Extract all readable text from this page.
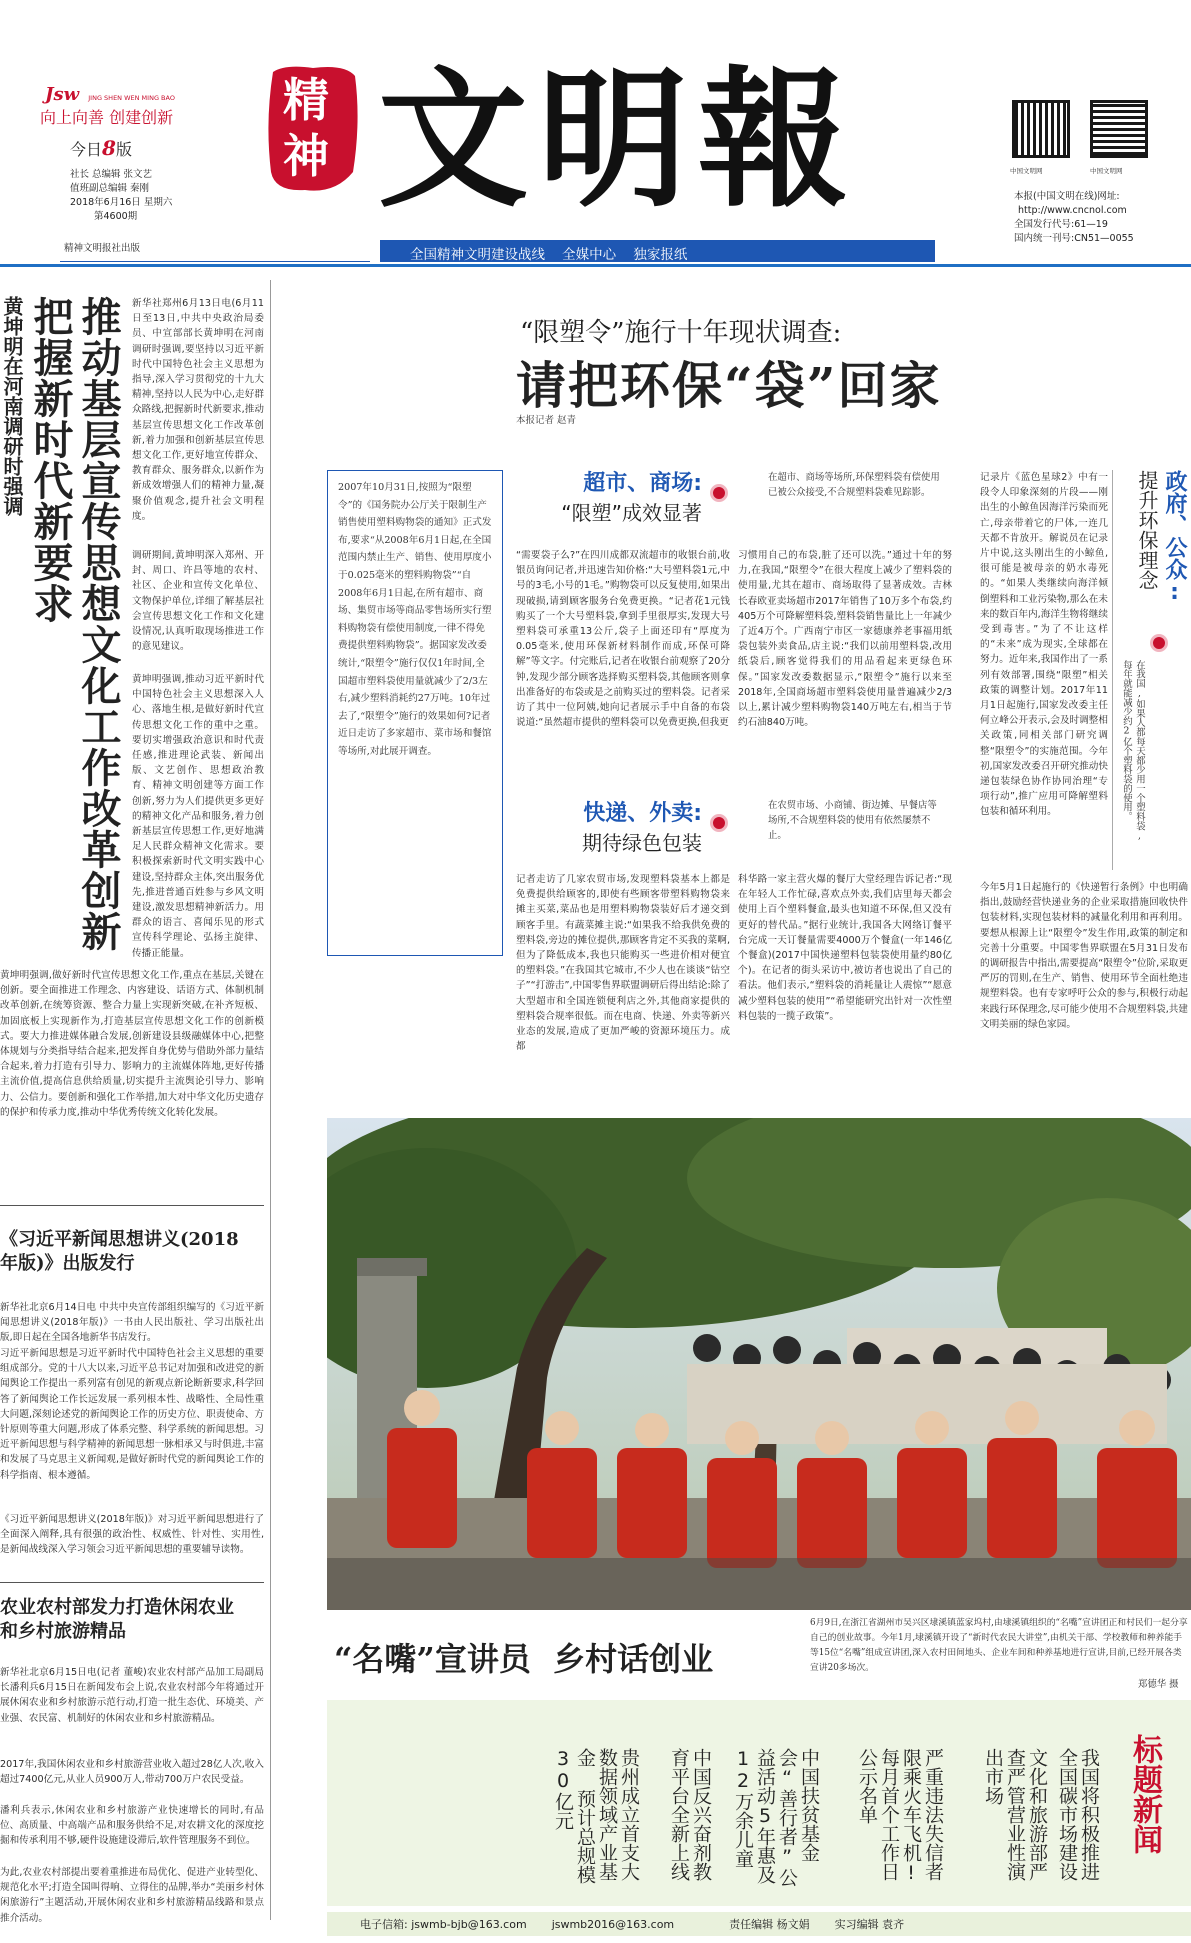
Jsw JING SHEN WEN MING BAO
向上向善 创建创新
今日8版
社长 总编辑 张文艺
值班副总编辑 秦刚
2018年6月16日 星期六
第4600期
精神文明报社出版
精神 文明報	中国文明网	中国文明网
本报(中国文明在线)网址:
http://www.cncnol.com
全国发行代号:61—19
国内统一刊号:CN51—0055
全国精神文明建设战线    全媒中心    独家报纸
黄坤明在河南调研时强调 把握新时代新要求 推动基层宣传思想文化工作改革创新 新华社郑州6月13日电(6月11日至13日,中共中央政治局委员、中宣部部长黄坤明在河南调研时强调,要坚持以习近平新时代中国特色社会主义思想为指导,深入学习贯彻党的十九大精神,坚持以人民为中心,走好群众路线,把握新时代新要求,推动基层宣传思想文化工作改革创新,着力加强和创新基层宣传思想文化工作,更好地宣传群众、教育群众、服务群众,以新作为新成效增强人们的精神力量,凝聚价值观念,提升社会文明程度。
调研期间,黄坤明深入郑州、开封、周口、许昌等地的农村、社区、企业和宣传文化单位、文物保护单位,详细了解基层社会宣传思想文化工作和文化建设情况,认真听取现场推进工作的意见建议。
黄坤明强调,推动习近平新时代中国特色社会主义思想深入人心、落地生根,是做好新时代宣传思想文化工作的重中之重。要切实增强政治意识和时代责任感,推进理论武装、新闻出版、文艺创作、思想政治教育、精神文明创建等方面工作创新,努力为人们提供更多更好的精神文化产品和服务,着力创新基层宣传思想工作,更好地满足人民群众精神文化需求。要积极探索新时代文明实践中心建设,坚持群众主体,突出服务优先,推进普通百姓参与乡风文明建设,激发思想精神新活力。用群众的语言、喜闻乐见的形式宣传科学理论、弘扬主旋律、传播正能量。
黄坤明强调,做好新时代宣传思想文化工作,重点在基层,关键在创新。要全面推进工作理念、内容建设、话语方式、体制机制改革创新,在统筹资源、整合力量上实现新突破,在补齐短板、加固底板上实现新作为,打造基层宣传思想文化工作的创新模式。要大力推进媒体融合发展,创新建设县级融媒体中心,把整体规划与分类指导结合起来,把发挥自身优势与借助外部力量结合起来,着力打造有引导力、影响力的主流媒体阵地,更好传播主流价值,提高信息供给质量,切实提升主流舆论引导力、影响力、公信力。要创新和强化工作举措,加大对中华文化历史遗存的保护和传承力度,推动中华优秀传统文化转化发展。
《习近平新闻思想讲义(2018年版)》出版发行
新华社北京6月14日电 中共中央宣传部组织编写的《习近平新闻思想讲义(2018年版)》一书由人民出版社、学习出版社出版,即日起在全国各地新华书店发行。
习近平新闻思想是习近平新时代中国特色社会主义思想的重要组成部分。党的十八大以来,习近平总书记对加强和改进党的新闻舆论工作提出一系列富有创见的新观点新论断新要求,科学回答了新闻舆论工作长远发展一系列根本性、战略性、全局性重大问题,深刻论述党的新闻舆论工作的历史方位、职责使命、方针原则等重大问题,形成了体系完整、科学系统的新闻思想。习近平新闻思想与科学精神的新闻思想一脉相承又与时俱进,丰富和发展了马克思主义新闻观,是做好新时代党的新闻舆论工作的科学指南、根本遵循。
《习近平新闻思想讲义(2018年版)》对习近平新闻思想进行了全面深入阐释,具有很强的政治性、权威性、针对性、实用性,是新闻战线深入学习领会习近平新闻思想的重要辅导读物。
农业农村部发力打造休闲农业和乡村旅游精品
新华社北京6月15日电(记者 董峻)农业农村部产品加工局副局长潘利兵6月15日在新闻发布会上说,农业农村部今年将通过开展休闲农业和乡村旅游示范行动,打造一批生态优、环境美、产业强、农民富、机制好的休闲农业和乡村旅游精品。
2017年,我国休闲农业和乡村旅游营业收入超过28亿人次,收入超过7400亿元,从业人员900万人,带动700万户农民受益。
潘利兵表示,休闲农业和乡村旅游产业快速增长的同时,有品位、高质量、中高端产品和服务供给不足,对农耕文化的深度挖掘和传承利用不够,硬件设施建设滞后,软件管理服务不到位。
为此,农业农村部提出要着重推进布局优化、促进产业转型化、规范化水平;打造全国叫得响、立得住的品牌,举办“美丽乡村休闲旅游行”主题活动,开展休闲农业和乡村旅游精品线路和景点推介活动。
“限塑令”施行十年现状调查:
请把环保“袋”回家
本报记者 赵青
2007年10月31日,按照为“限塑令”的《国务院办公厅关于限制生产销售使用塑料购物袋的通知》正式发布,要求“从2008年6月1日起,在全国范围内禁止生产、销售、使用厚度小于0.025毫米的塑料购物袋”“自2008年6月1日起,在所有超市、商场、集贸市场等商品零售场所实行塑料购物袋有偿使用制度,一律不得免费提供塑料购物袋”。据国家发改委统计,“限塑令”施行仅仅1年时间,全国超市塑料袋使用量就减少了2/3左右,减少塑料消耗约27万吨。10年过去了,“限塑令”施行的效果如何?记者近日走访了多家超市、菜市场和餐馆等场所,对此展开调查。
超市、商场:
“限塑”成效显著
在超市、商场等场所,环保塑料袋有偿使用已被公众接受,不合规塑料袋难见踪影。
“需要袋子么?”在四川成都双流超市的收银台前,收银员询问记者,并迅速告知价格:“大号塑料袋1元,中号的3毛,小号的1毛。”购物袋可以反复使用,如果出现破损,请到顾客服务台免费更换。“记者花1元钱购买了一个大号塑料袋,拿到手里很厚实,发现大号塑料袋可承重13公斤,袋子上面还印有“厚度为0.05毫米,使用环保新材料制作而成,环保可降解”等文字。付完账后,记者在收银台前观察了20分钟,发现少部分顾客选择购买塑料袋,其他顾客则拿出准备好的布袋或是之前购买过的塑料袋。记者采访了其中一位阿姨,她向记者展示手中自备的布袋说道:“虽然超市提供的塑料袋可以免费更换,但我更
习惯用自己的布袋,脏了还可以洗。”通过十年的努力,在我国,“限塑令”在很大程度上减少了塑料袋的使用量,尤其在超市、商场取得了显著成效。吉林长春欧亚卖场超市2017年销售了10万多个布袋,约405万个可降解塑料袋,塑料袋销售量比上一年减少了近4万个。广西南宁市区一家德康养老事福用纸袋包装外卖食品,店主说:“我们以前用塑料袋,改用纸袋后,顾客觉得我们的用品看起来更绿色环保。”国家发改委数据显示,“限塑令”施行以来至2018年,全国商场超市塑料袋使用量普遍减少2/3以上,累计减少塑料购物袋140万吨左右,相当于节约石油840万吨。
快递、外卖:
期待绿色包装
在农贸市场、小商铺、街边摊、早餐店等场所,不合规塑料袋的使用有依然屡禁不止。
记者走访了几家农贸市场,发现塑料袋基本上都是免费提供给顾客的,即使有些顾客带塑料购物袋来摊主买菜,菜品也是用塑料购物袋装好后才递交到顾客手里。有蔬菜摊主说:“如果我不给我供免费的塑料袋,旁边的摊位提供,那顾客肯定不买我的菜啊,但为了降低成本,我也只能购买一些进价相对便宜的塑料袋。”在我国其它城市,不少人也在谈谈“钻空子”“打游击”,中国零售界联盟调研后得出结论:除了大型超市和全国连锁便利店之外,其他商家提供的塑料袋合规率很低。而在电商、快递、外卖等新兴业态的发展,造成了更加严峻的资源环境压力。成都
科华路一家主营火爆的餐厅大堂经理告诉记者:“现在年轻人工作忙碌,喜欢点外卖,我们店里每天都会使用上百个塑料餐盒,最头也知道不环保,但又没有更好的替代品。”据行业统计,我国各大网络订餐平台完成一天订餐量需要4000万个餐盒(一年146亿个餐盒)(2017中国快递塑料包装袋使用量约80亿个)。在记者的街头采访中,被访者也说出了自己的看法。他们表示,“塑料袋的消耗量让人震惊”“愿意减少塑料包装的使用”“希望能研究出针对一次性塑料包装的一揽子政策”。
政府、公众:
提升环保理念
在我国,如果人都每天都少用一个塑料袋,每年就能减少约2亿个塑料袋的使用。
记录片《蓝色星球2》中有一段令人印象深刻的片段——刚出生的小鲸鱼因海洋污染而死亡,母亲带着它的尸体,一连几天都不肯放开。解说员在记录片中说,这头刚出生的小鲸鱼,很可能是被母亲的奶水毒死的。“如果人类继续向海洋倾倒塑料和工业污染物,那么在未来的数百年内,海洋生物将继续受到毒害。”为了不让这样的“未来”成为现实,全球都在努力。近年来,我国作出了一系列有效部署,围绕“限塑”相关政策的调整计划。2017年11月1日起施行,国家发改委主任何立峰公开表示,会及时调整相关政策,同相关部门研究调整“限塑令”的实施范围。今年初,国家发改委召开研究推动快递包装绿色协作协同治理“专项行动”,推广应用可降解塑料包装和循环利用。
今年5月1日起施行的《快递暂行条例》中也明确指出,鼓励经营快递业务的企业采取措施回收快件包装材料,实现包装材料的减量化利用和再利用。要想从根源上让“限塑令”发生作用,政策的制定和完善十分重要。中国零售界联盟在5月31日发布的调研报告中指出,需要提高“限塑令”位阶,采取更严厉的罚则,在生产、销售、使用环节全面杜绝违规塑料袋。也有专家呼吁公众的参与,积极行动起来践行环保理念,尽可能少使用不合规塑料袋,共建文明美丽的绿色家园。
“名嘴”宣讲员  乡村话创业
6月9日,在浙江省湖州市吴兴区埭溪镇蓝家坞村,由埭溪镇组织的“名嘴”宣讲团正和村民们一起分享自己的创业故事。今年1月,埭溪镇开设了“新时代农民大讲堂”,由机关干部、学校教师和种养能手等15位“名嘴”组成宣讲团,深入农村田间地头、企业车间和种养基地进行宣讲,目前,已经开展各类宣讲20多场次。
郑德华 摄
标题新闻
我国将积极推进全国碳市场建设
文化和旅游部严查严管营业性演出市场
严重违法失信者限乘火车飞机!每月首个工作日公示名单
中国扶贫基金会“善行者”公益活动5年惠及12万余儿童
中国反兴奋剂教育平台全新上线
贵州成立首支大数据领域产业基金 预计总规模30亿元
电子信箱: jswmb-bjb@163.com jswmb2016@163.com	责任编辑 杨文娟 实习编辑 袁齐
